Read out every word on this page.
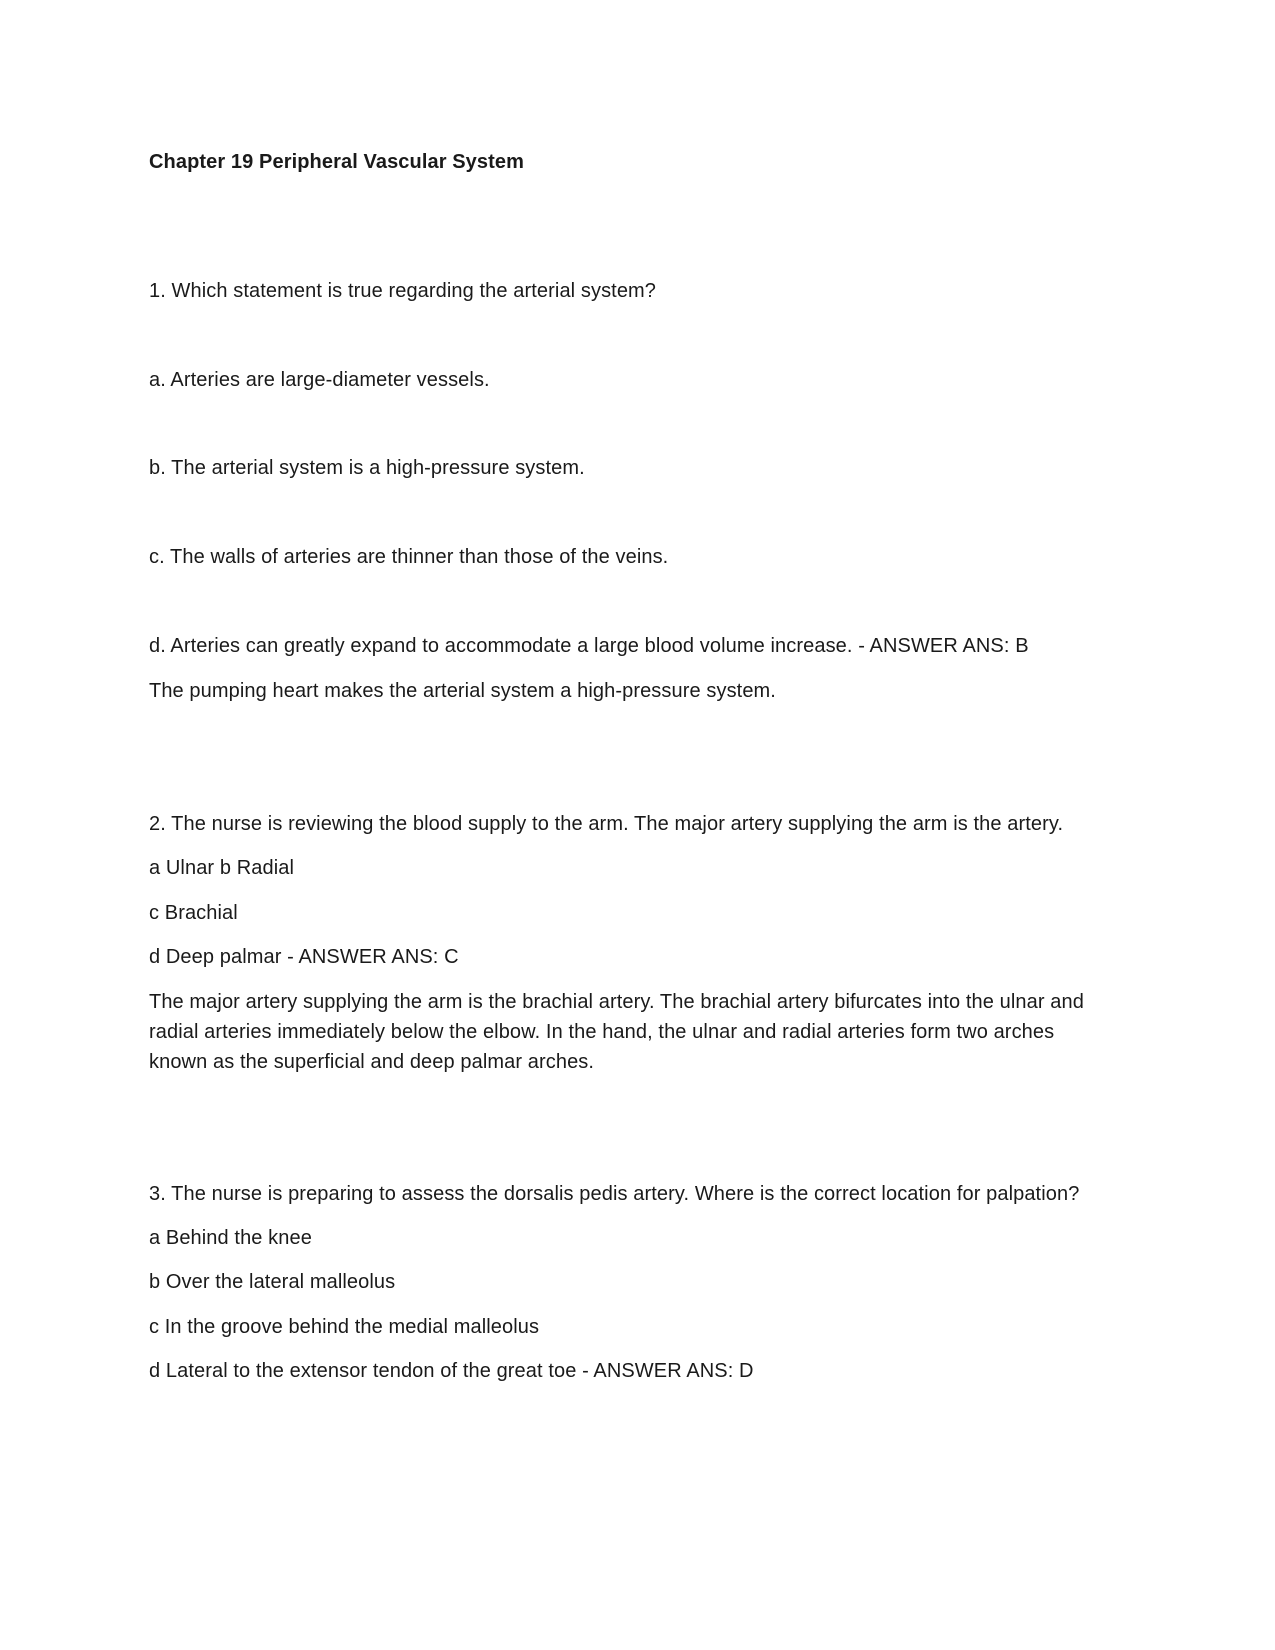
Chapter 19 Peripheral Vascular System
1. Which statement is true regarding the arterial system?
a. Arteries are large-diameter vessels.
b. The arterial system is a high-pressure system.
c. The walls of arteries are thinner than those of the veins.
d. Arteries can greatly expand to accommodate a large blood volume increase. - ANSWER ANS: B
The pumping heart makes the arterial system a high-pressure system.
2. The nurse is reviewing the blood supply to the arm. The major artery supplying the arm is the artery.
a Ulnar b Radial
c Brachial
d Deep palmar - ANSWER ANS: C
The major artery supplying the arm is the brachial artery. The brachial artery bifurcates into the ulnar and radial arteries immediately below the elbow. In the hand, the ulnar and radial arteries form two arches known as the superficial and deep palmar arches.
3. The nurse is preparing to assess the dorsalis pedis artery. Where is the correct location for palpation?
a Behind the knee
b Over the lateral malleolus
c In the groove behind the medial malleolus
d Lateral to the extensor tendon of the great toe - ANSWER ANS: D
